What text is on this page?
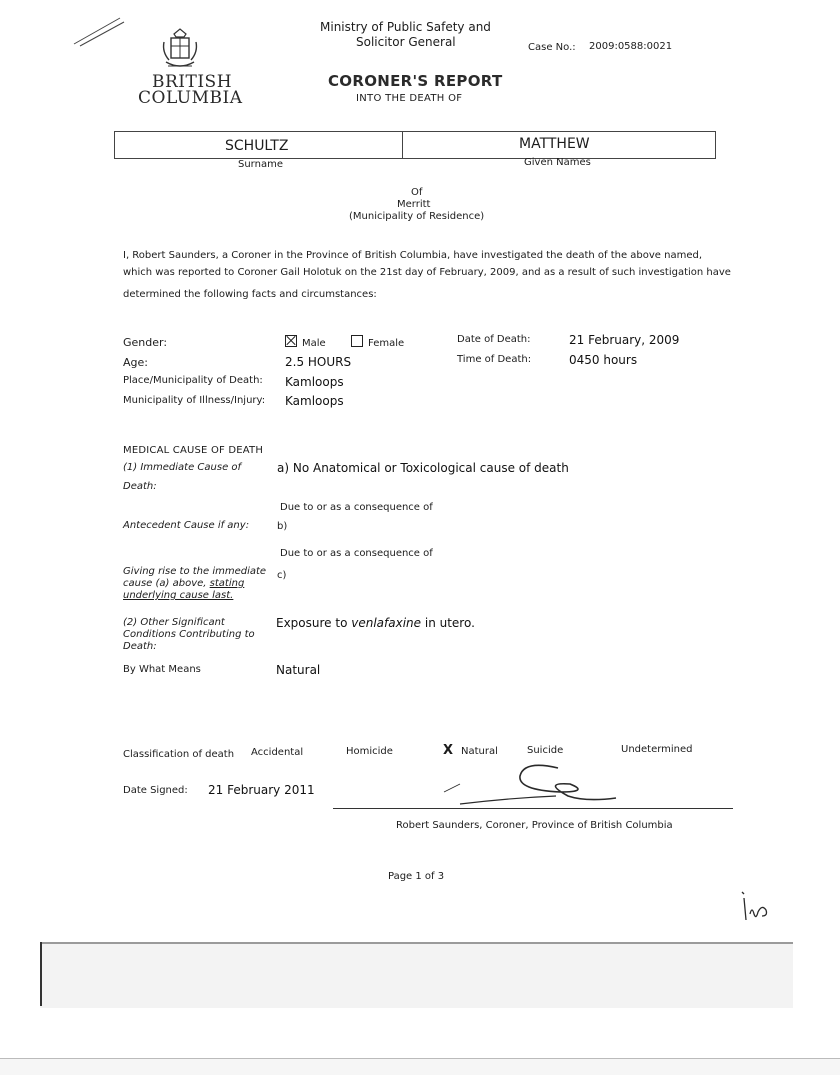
BRITISH
COLUMBIA
Ministry of Public Safety and
Solicitor General	Case No.: 2009:0588:0021
CORONER'S REPORT
INTO THE DEATH OF
SCHULTZ	MATTHEW
Surname	Given Names
Of
Merritt
(Municipality of Residence)
I, Robert Saunders, a Coroner in the Province of British Columbia, have investigated the death of the above named,
which was reported to Coroner Gail Holotuk on the 21st day of February, 2009, and as a result of such investigation have
determined the following facts and circumstances:
Gender:	Male	Female	Date of Death:	21 February, 2009
Time of Death:	0450 hours
Age:	2.5 HOURS
Place/Municipality of Death: Kamloops
Municipality of Illness/Injury: Kamloops
MEDICAL CAUSE OF DEATH
(1) Immediate Cause of
Death:
a) No Anatomical or Toxicological cause of death
Due to or as a consequence of
Antecedent Cause if any:	b)
Due to or as a consequence of
Giving rise to the immediate
cause (a) above, stating
underlying cause last.
c)
(2) Other Significant
Conditions Contributing to
Death:
Exposure to venlafaxine in utero.
By What Means	Natural
Classification of death Accidental	Homicide	X Natural	Suicide	Undetermined
Date Signed: 21 February 2011
Robert Saunders, Coroner, Province of British Columbia
Page 1 of 3
